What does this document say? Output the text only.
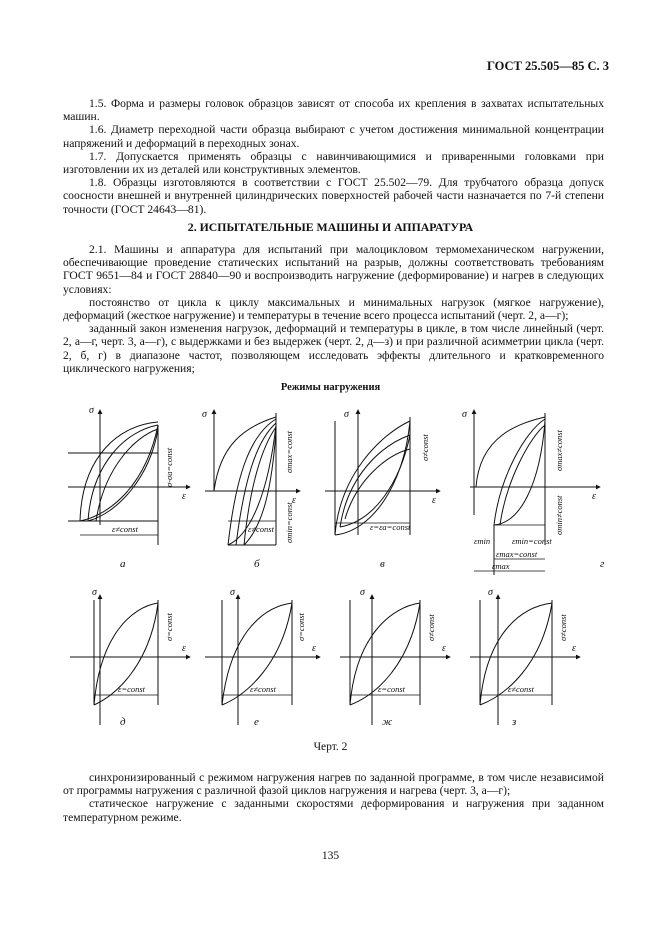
ГОСТ 25.505—85 С. 3

1.5. Форма и размеры головок образцов зависят от способа их крепления в захватах испытательных машин.

1.6. Диаметр переходной части образца выбирают с учетом достижения минимальной концентрации напряжений и деформаций в переходных зонах.

1.7. Допускается применять образцы с навинчивающимися и приваренными головками при изготовлении их из деталей или конструктивных элементов.

1.8. Образцы изготовляются в соответствии с ГОСТ 25.502—79. Для трубчатого образца допуск соосности внешней и внутренней цилиндрических поверхностей рабочей части назначается по 7-й степени точности (ГОСТ 24643—81).

2. ИСПЫТАТЕЛЬНЫЕ МАШИНЫ И АППАРАТУРА

2.1. Машины и аппаратура для испытаний при малоцикловом термомеханическом нагружении, обеспечивающие проведение статических испытаний на разрыв, должны соответствовать требованиям ГОСТ 9651—84 и ГОСТ 28840—90 и воспроизводить нагружение (деформирование) и нагрев в следующих условиях:

постоянство от цикла к циклу максимальных и минимальных нагрузок (мягкое нагружение), деформаций (жесткое нагружение) и температуры в течение всего процесса испытаний (черт. 2, а—г);

заданный закон изменения нагрузок, деформаций и температуры в цикле, в том числе линейный (черт. 2, а—г, черт. 3, а—г), с выдержками и без выдержек (черт. 2, д—з) и при различной асимметрии цикла (черт. 2, б, г) в диапазоне частот, позволяющем исследовать эффекты длительного и кратковременного циклического нагружения;

Режимы нагружения
σ
ε
σ-σa=const
ε≠const
а
σ
ε
σmax=const
σmin=const
ε≠const
б
σ
ε
σ≠const
ε=εa=const
в
σ
ε
σmax≠const
σmin≠const
εmin	εmin=const
εmax=const
εmax	г
σ
ε
σ=const
ε=const
д
σ
ε
σ=const
ε≠const
е
σ
ε
σ≠const
ε=const
ж
σ
ε
σ≠const
ε≠const
з
Черт. 2

синхронизированный с режимом нагружения нагрев по заданной программе, в том числе независимой от программы нагружения с различной фазой циклов нагружения и нагрева (черт. 3, а—г);

статическое нагружение с заданными скоростями деформирования и нагружения при заданном температурном режиме.

135
